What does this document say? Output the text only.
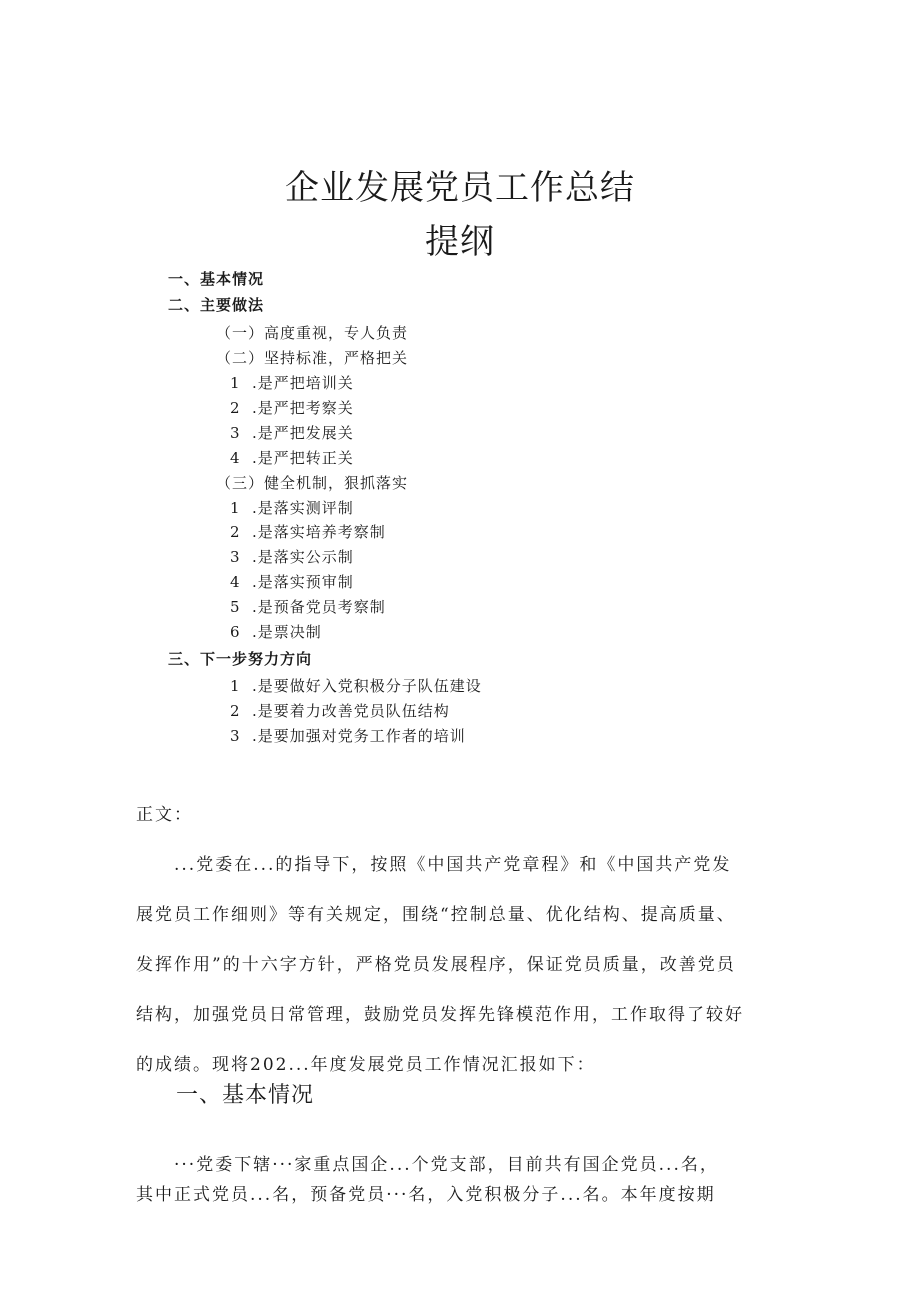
企业发展党员工作总结
提纲
一、基本情况
二、主要做法
（一）高度重视，专人负责
（二）坚持标准，严格把关
1 .是严把培训关
2 .是严把考察关
3 .是严把发展关
4 .是严把转正关
（三）健全机制，狠抓落实
1 .是落实测评制
2 .是落实培养考察制
3 .是落实公示制
4 .是落实预审制
5 .是预备党员考察制
6 .是票决制
三、下一步努力方向
1 .是要做好入党积极分子队伍建设
2 .是要着力改善党员队伍结构
3 .是要加强对党务工作者的培训
正文：
　　...党委在...的指导下，按照《中国共产党章程》和《中国共产党发
展党员工作细则》等有关规定，围绕“控制总量、优化结构、提高质量、
发挥作用”的十六字方针，严格党员发展程序，保证党员质量，改善党员
结构，加强党员日常管理，鼓励党员发挥先锋模范作用，工作取得了较好
的成绩。现将202...年度发展党员工作情况汇报如下：
一、基本情况
　　···党委下辖···家重点国企...个党支部，目前共有国企党员...名，
其中正式党员...名，预备党员···名，入党积极分子...名。本年度按期
